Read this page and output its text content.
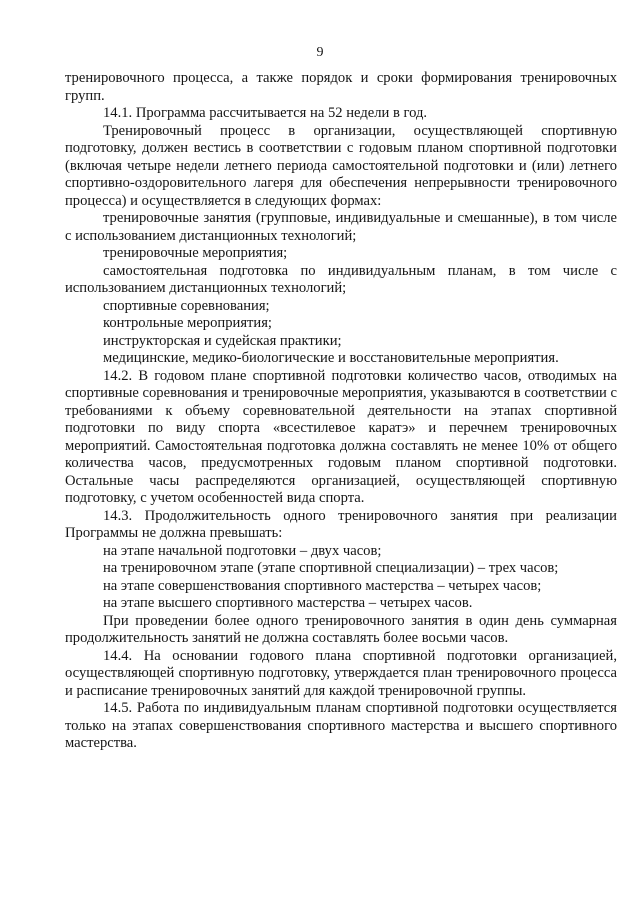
9

тренировочного процесса, а также порядок и сроки формирования тренировочных групп.

14.1. Программа рассчитывается на 52 недели в год.

Тренировочный процесс в организации, осуществляющей спортивную подготовку, должен вестись в соответствии с годовым планом спортивной подготовки (включая четыре недели летнего периода самостоятельной подготовки и (или) летнего спортивно-оздоровительного лагеря для обеспечения непрерывности тренировочного процесса) и осуществляется в следующих формах:

тренировочные занятия (групповые, индивидуальные и смешанные), в том числе с использованием дистанционных технологий;

тренировочные мероприятия;

самостоятельная подготовка по индивидуальным планам, в том числе с использованием дистанционных технологий;

спортивные соревнования;

контрольные мероприятия;

инструкторская и судейская практики;

медицинские, медико-биологические и восстановительные мероприятия.

14.2. В годовом плане спортивной подготовки количество часов, отводимых на спортивные соревнования и тренировочные мероприятия, указываются в соответствии с требованиями к объему соревновательной деятельности на этапах спортивной подготовки по виду спорта «всестилевое каратэ» и перечнем тренировочных мероприятий. Самостоятельная подготовка должна составлять не менее 10% от общего количества часов, предусмотренных годовым планом спортивной подготовки. Остальные часы распределяются организацией, осуществляющей спортивную подготовку, с учетом особенностей вида спорта.

14.3. Продолжительность одного тренировочного занятия при реализации Программы не должна превышать:

на этапе начальной подготовки – двух часов;

на тренировочном этапе (этапе спортивной специализации) – трех часов;

на этапе совершенствования спортивного мастерства – четырех часов;

на этапе высшего спортивного мастерства – четырех часов.

При проведении более одного тренировочного занятия в один день суммарная продолжительность занятий не должна составлять более восьми часов.

14.4. На основании годового плана спортивной подготовки организацией, осуществляющей спортивную подготовку, утверждается план тренировочного процесса и расписание тренировочных занятий для каждой тренировочной группы.

14.5. Работа по индивидуальным планам спортивной подготовки осуществляется только на этапах совершенствования спортивного мастерства и высшего спортивного мастерства.
